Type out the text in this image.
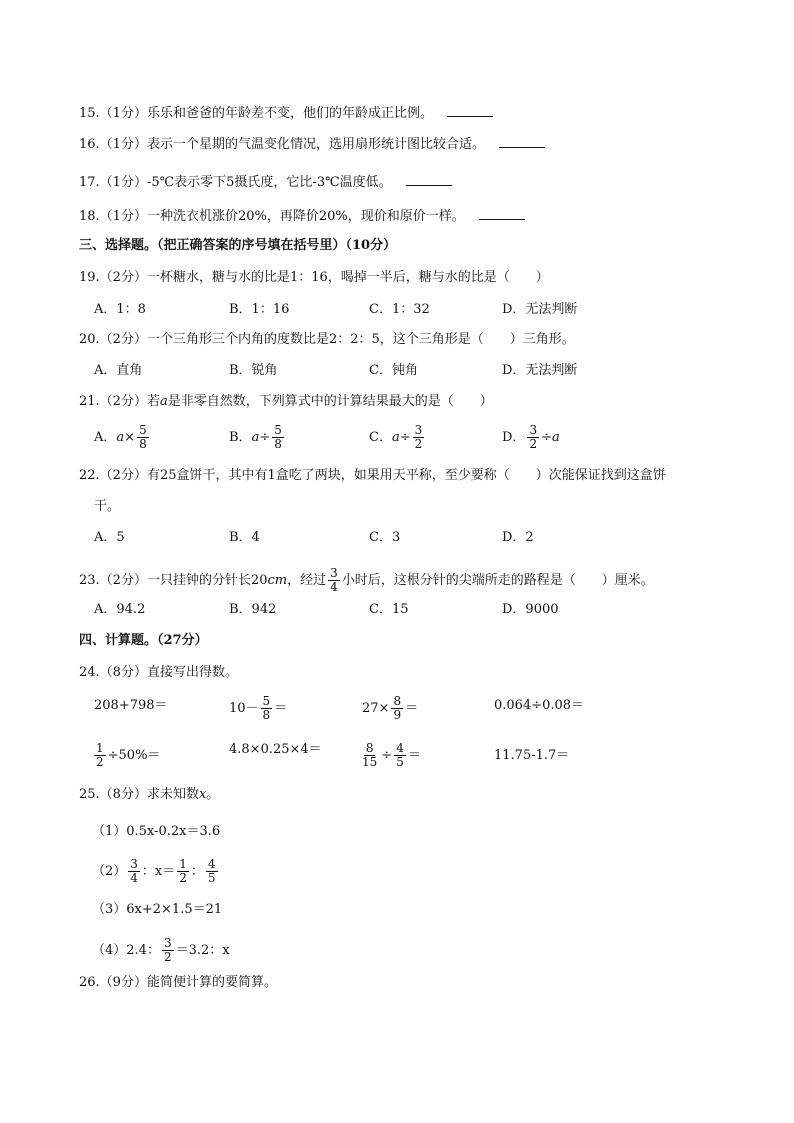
15.（1分）乐乐和爸爸的年龄差不变，他们的年龄成正比例。
16.（1分）表示一个星期的气温变化情况，选用扇形统计图比较合适。
17.（1分）-5℃表示零下5摄氏度，它比-3℃温度低。
18.（1分）一种洗衣机涨价20%，再降价20%，现价和原价一样。
三、选择题。（把正确答案的序号填在括号里）（10分）
19.（2分）一杯糖水，糖与水的比是1：16，喝掉一半后，糖与水的比是（　　）
A．1：8	B．1：16	C．1：32	D．无法判断
20.（2分）一个三角形三个内角的度数比是2：2：5，这个三角形是（　　）三角形。
A．直角	B．锐角	C．钝角	D．无法判断
21.（2分）若a是非零自然数，下列算式中的计算结果最大的是（　　）
A．$a\times \frac{5}{8}$	B．$a\div \frac{5}{8}$	C．$a\div \frac{3}{2}$	D． $\frac{3}{2} \div a$
22.（2分）有25盒饼干，其中有1盒吃了两块，如果用天平称，至少要称（　　）次能保证找到这盒饼
干。
A．5	B．4	C．3	D．2
23.（2分）一只挂钟的分针长20cm，经过 $\frac{3}{4}$ 小时后，这根分针的尖端所走的路程是（　　）厘米。
A．94.2	B．942	C．15	D．9000
四、计算题。（27分）
24.（8分）直接写出得数。
208+798＝	$10- \frac{5}{8}$ ＝	$27\times \frac{8}{9}$ ＝	0.064÷0.08＝
$\frac{1}{2} \div 50\%=$	4.8×0.25×4＝	$\frac{8}{15} \div \frac{4}{5}$ ＝	11.75-1.7＝
25.（8分）求未知数x。
（1）0.5x-0.2x＝3.6
$(2) \frac{3}{4}$ ：$x= \frac{1}{2}$ ： $\frac{4}{5}$
（3）6x+2×1.5＝21
（4）2.4： $\frac{3}{2} =3.2$：x
26.（9分）能简便计算的要简算。
